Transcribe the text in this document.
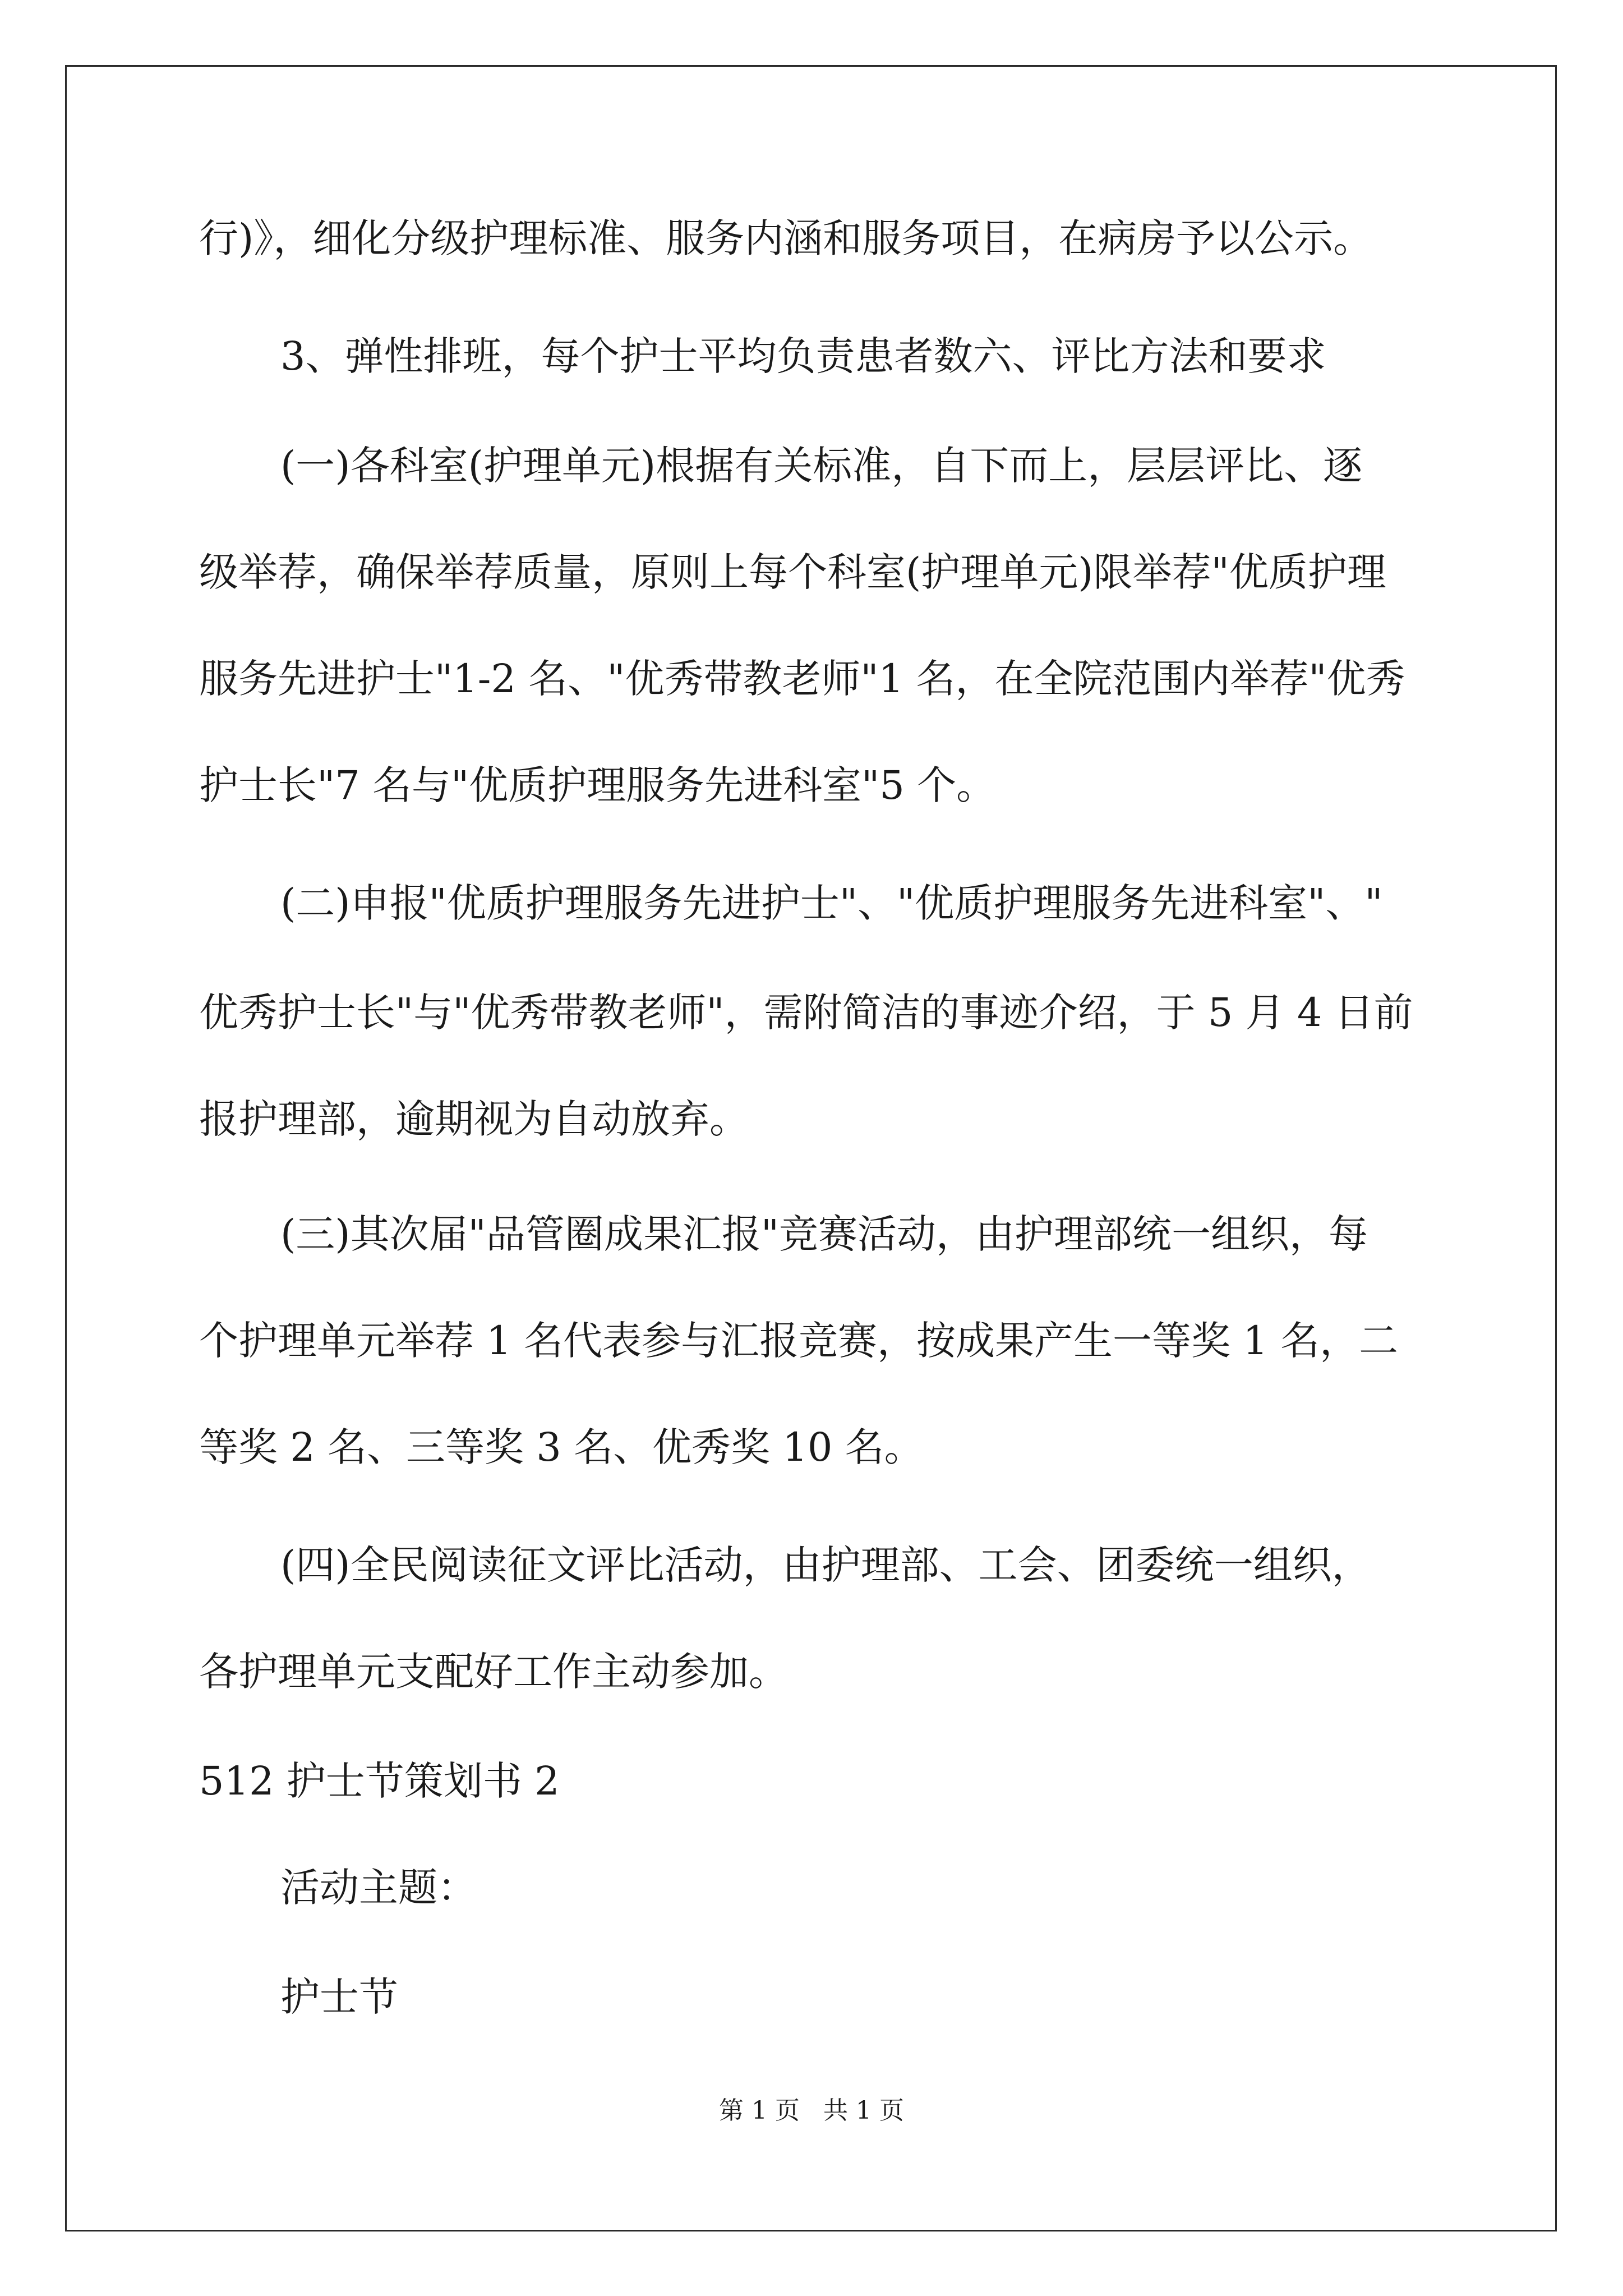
行)》，细化分级护理标准、服务内涵和服务项目，在病房予以公示。
3、弹性排班，每个护士平均负责患者数六、评比方法和要求
(一)各科室(护理单元)根据有关标准，自下而上，层层评比、逐
级举荐，确保举荐质量，原则上每个科室(护理单元)限举荐"优质护理
服务先进护士"1-2 名、"优秀带教老师"1 名，在全院范围内举荐"优秀
护士长"7 名与"优质护理服务先进科室"5 个。
(二)申报"优质护理服务先进护士"、"优质护理服务先进科室"、"
优秀护士长"与"优秀带教老师"，需附简洁的事迹介绍，于 5 月 4 日前
报护理部，逾期视为自动放弃。
(三)其次届"品管圈成果汇报"竞赛活动，由护理部统一组织，每
个护理单元举荐 1 名代表参与汇报竞赛，按成果产生一等奖 1 名，二
等奖 2 名、三等奖 3 名、优秀奖 10 名。
(四)全民阅读征文评比活动，由护理部、工会、团委统一组织，
各护理单元支配好工作主动参加。
512 护士节策划书 2
活动主题：
护士节
第 1 页   共 1 页
